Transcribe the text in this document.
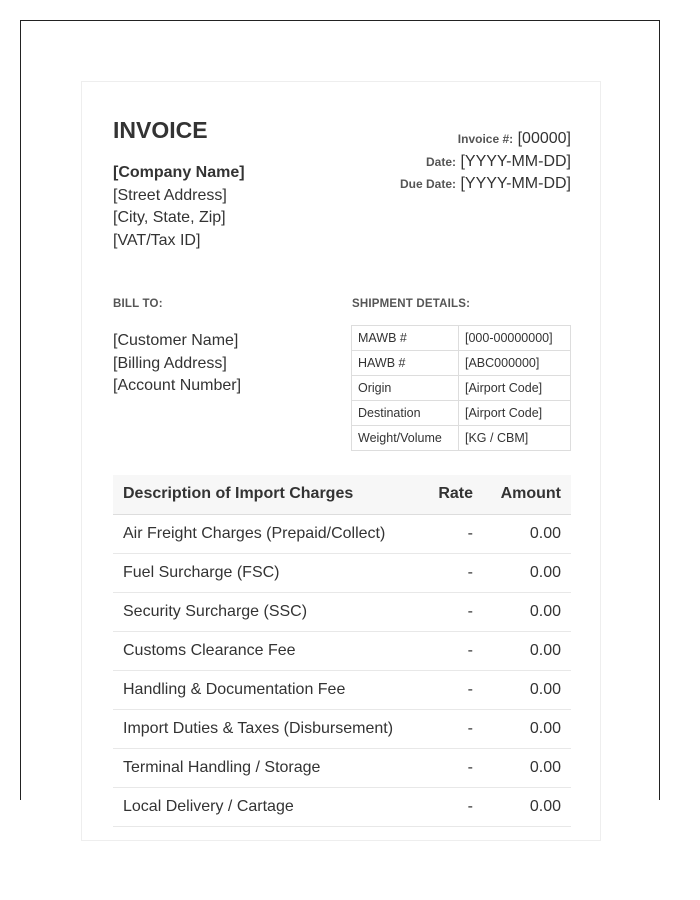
INVOICE
[Company Name]
[Street Address]
[City, State, Zip]
[VAT/Tax ID]
Invoice #: [00000]
Date: [YYYY-MM-DD]
Due Date: [YYYY-MM-DD]
BILL TO:	SHIPMENT DETAILS:
[Customer Name]
[Billing Address]
[Account Number]
MAWB #	[000-00000000]
HAWB #	[ABC000000]
Origin	[Airport Code]
Destination	[Airport Code]
Weight/Volume	[KG / CBM]
Description of Import Charges	Rate	Amount
Air Freight Charges (Prepaid/Collect)	-	0.00
Fuel Surcharge (FSC)	-	0.00
Security Surcharge (SSC)	-	0.00
Customs Clearance Fee	-	0.00
Handling & Documentation Fee	-	0.00
Import Duties & Taxes (Disbursement)	-	0.00
Terminal Handling / Storage	-	0.00
Local Delivery / Cartage	-	0.00
